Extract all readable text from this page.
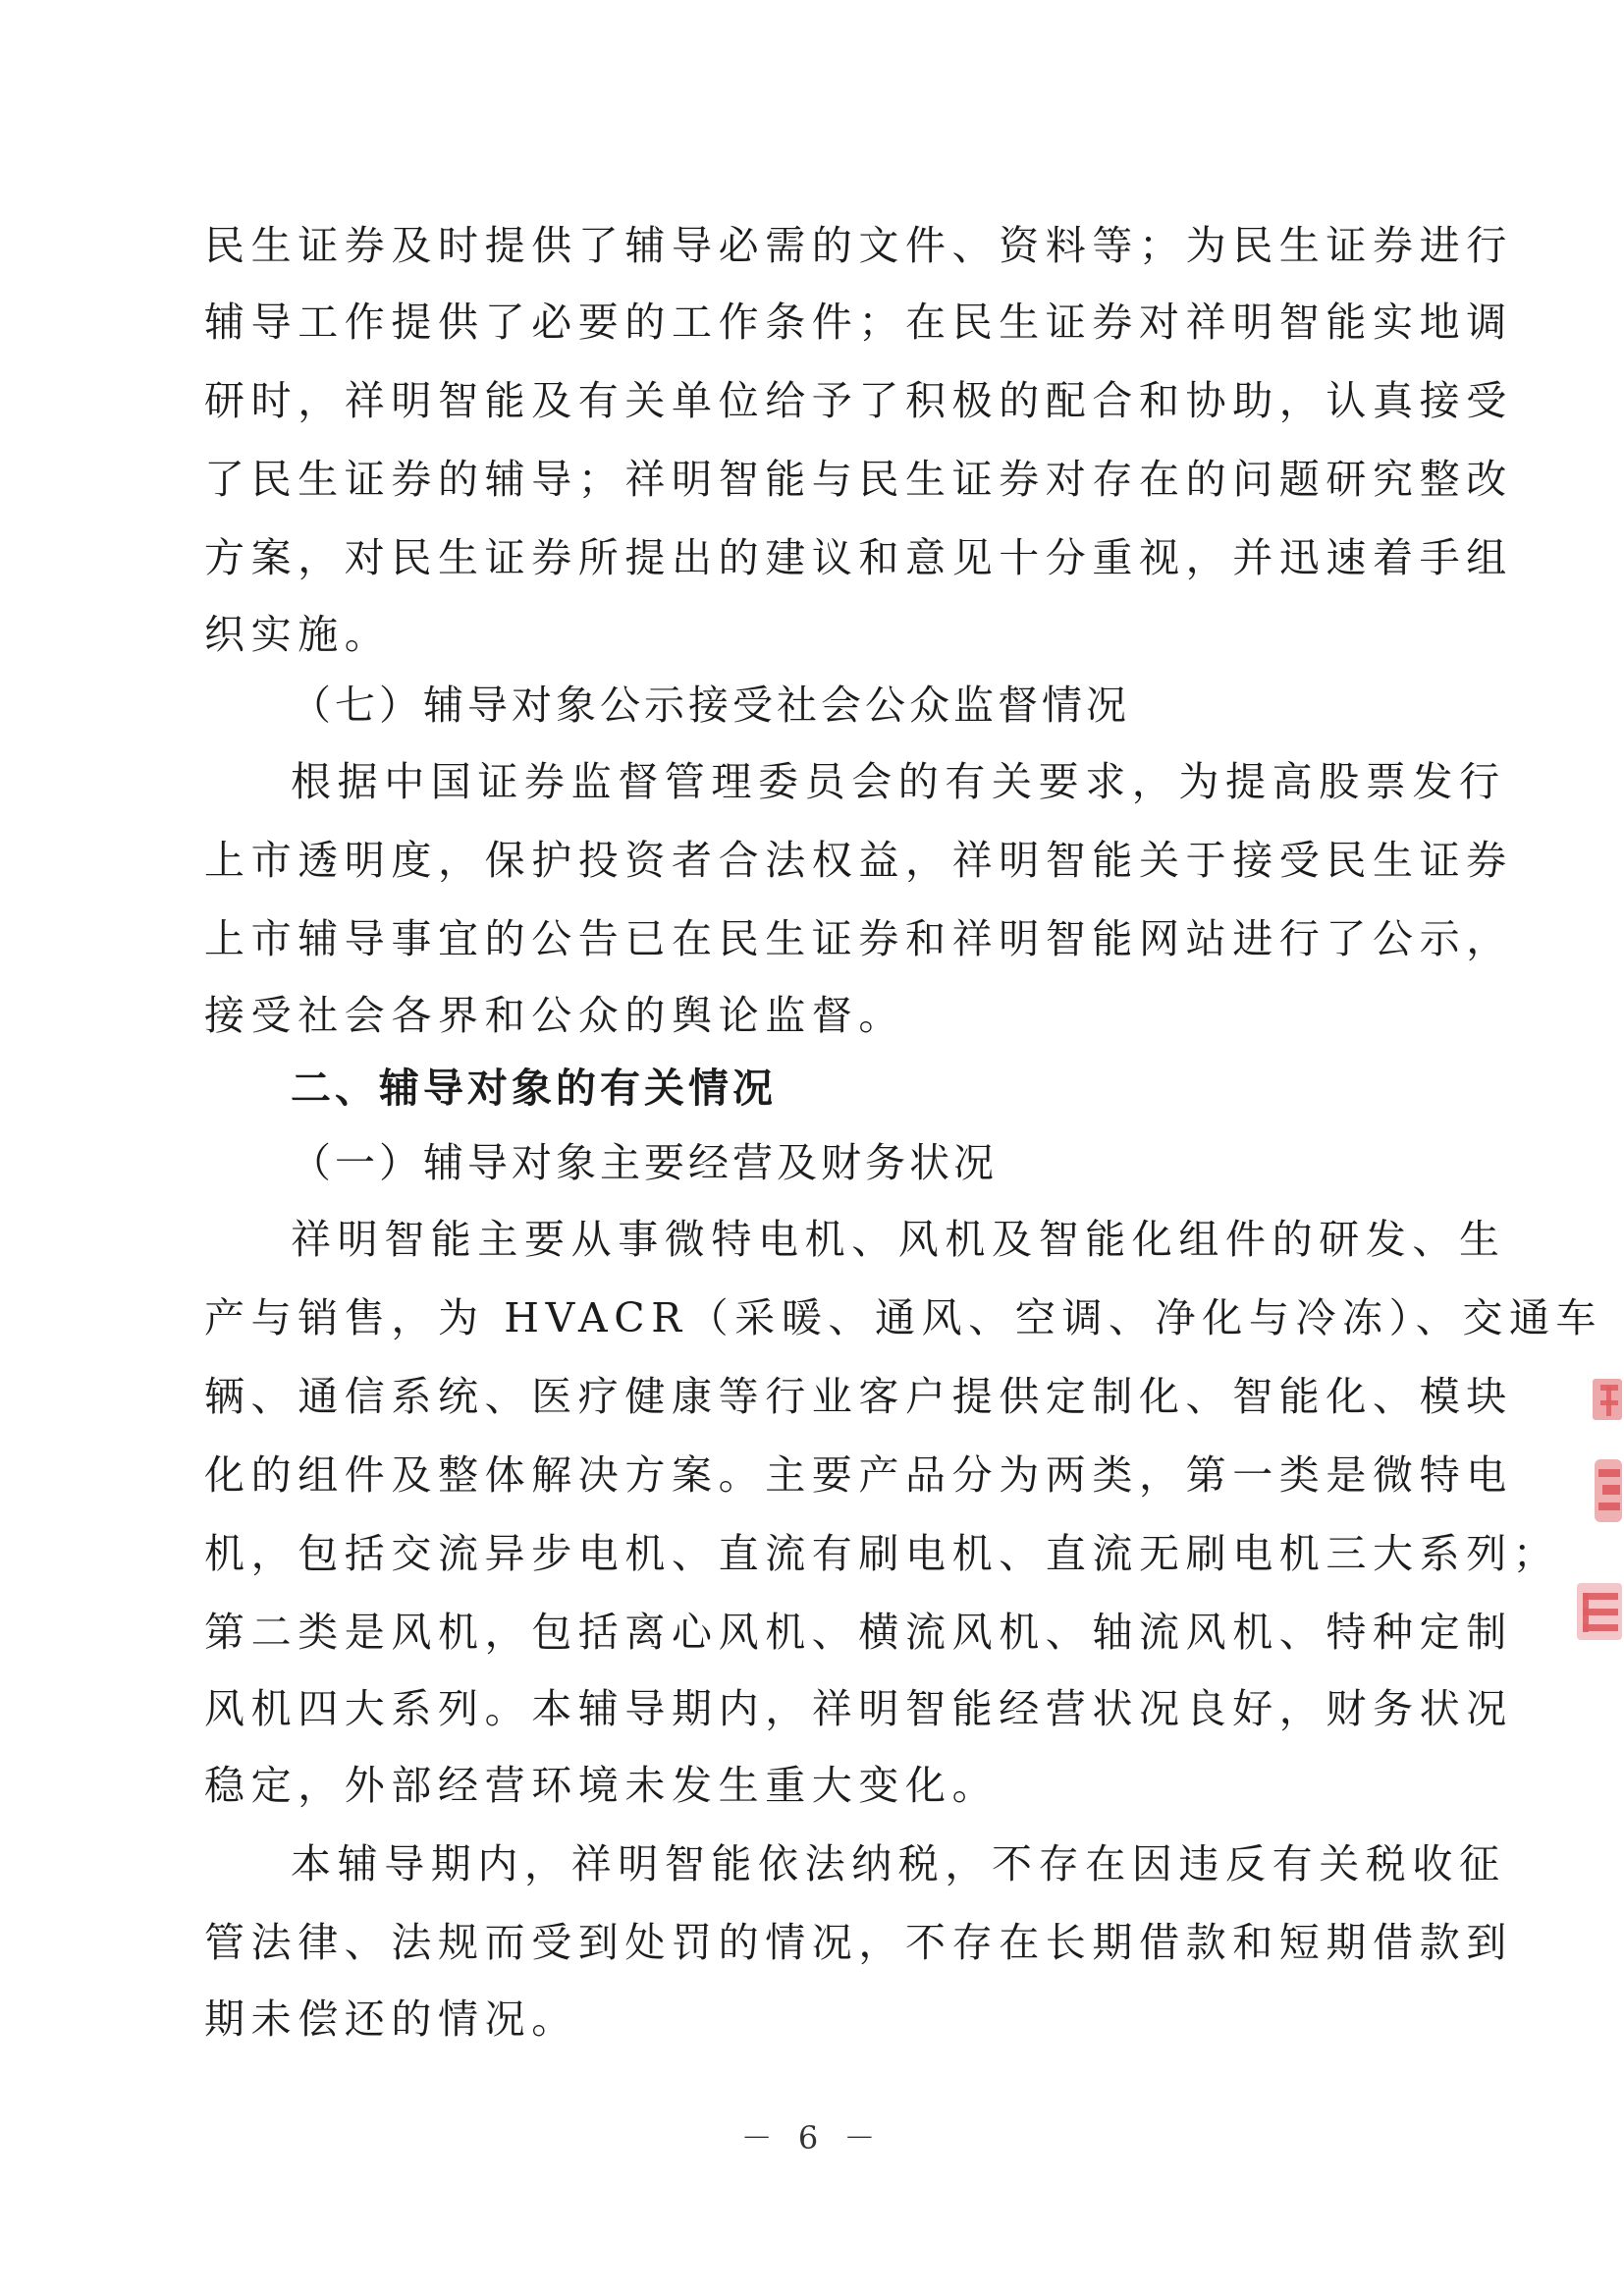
民生证券及时提供了辅导必需的文件、资料等；为民生证券进行
辅导工作提供了必要的工作条件；在民生证券对祥明智能实地调
研时，祥明智能及有关单位给予了积极的配合和协助，认真接受
了民生证券的辅导；祥明智能与民生证券对存在的问题研究整改
方案，对民生证券所提出的建议和意见十分重视，并迅速着手组
织实施。
（七）辅导对象公示接受社会公众监督情况
根据中国证券监督管理委员会的有关要求，为提高股票发行
上市透明度，保护投资者合法权益，祥明智能关于接受民生证券
上市辅导事宜的公告已在民生证券和祥明智能网站进行了公示，
接受社会各界和公众的舆论监督。
二、辅导对象的有关情况
（一）辅导对象主要经营及财务状况
祥明智能主要从事微特电机、风机及智能化组件的研发、生
产与销售，为 HVACR（采暖、通风、空调、净化与冷冻）、交通车
辆、通信系统、医疗健康等行业客户提供定制化、智能化、模块
化的组件及整体解决方案。主要产品分为两类，第一类是微特电
机，包括交流异步电机、直流有刷电机、直流无刷电机三大系列；
第二类是风机，包括离心风机、横流风机、轴流风机、特种定制
风机四大系列。本辅导期内，祥明智能经营状况良好，财务状况
稳定，外部经营环境未发生重大变化。
本辅导期内，祥明智能依法纳税，不存在因违反有关税收征
管法律、法规而受到处罚的情况，不存在长期借款和短期借款到
期未偿还的情况。
－ 6 －
